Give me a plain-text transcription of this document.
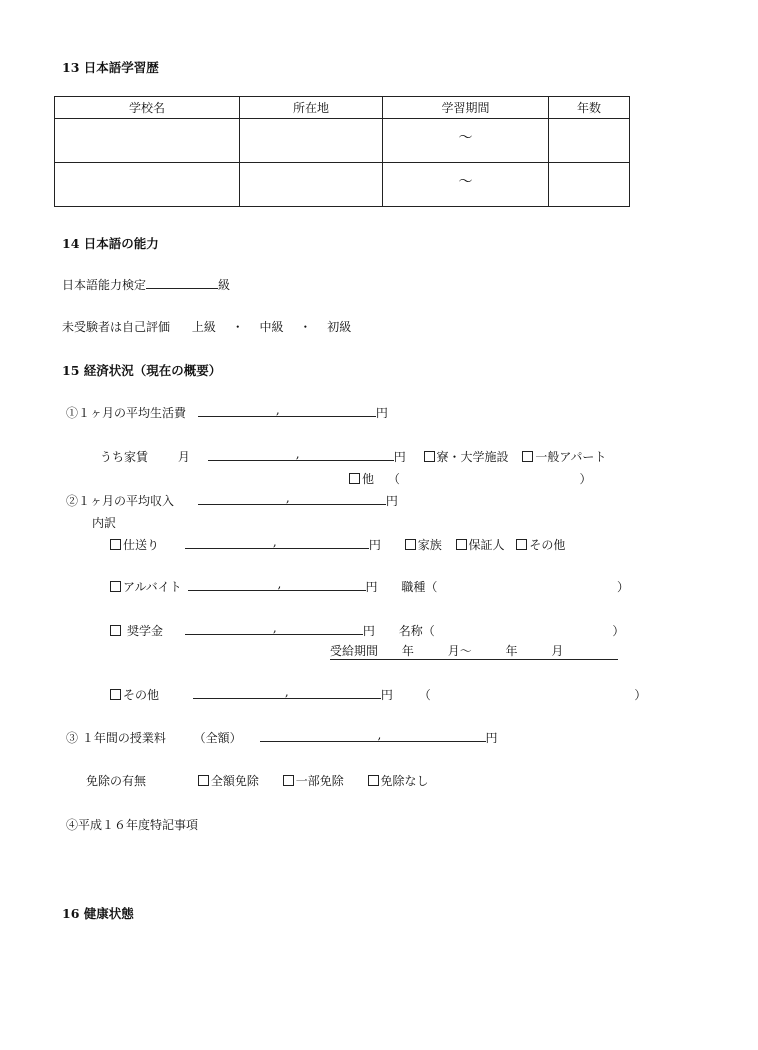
13 日本語学習歴
学校名	所在地	学習期間	年数

		～	

		～	

14 日本語の能力
日本語能力検定	級
未受験者は自己評価 上級 ・ 中級 ・ 初級
15 経済状況（現在の概要）
①１ヶ月の平均生活費	,	円
うち家賃 月	,	円	寮・大学施設 一般アパート
他 （	）
②１ヶ月の平均収入	,	円
内訳
仕送り	,	円	家族 保証人 その他
アルバイト	,	円 職種（	）
奨学金	,	円 名称（	）
受給期間 年	月～	年	月
その他	,	円 （	）
③ １年間の授業料 （全額）	,	円
免除の有無	全額免除	一部免除	免除なし
④平成１６年度特記事項
16 健康状態
